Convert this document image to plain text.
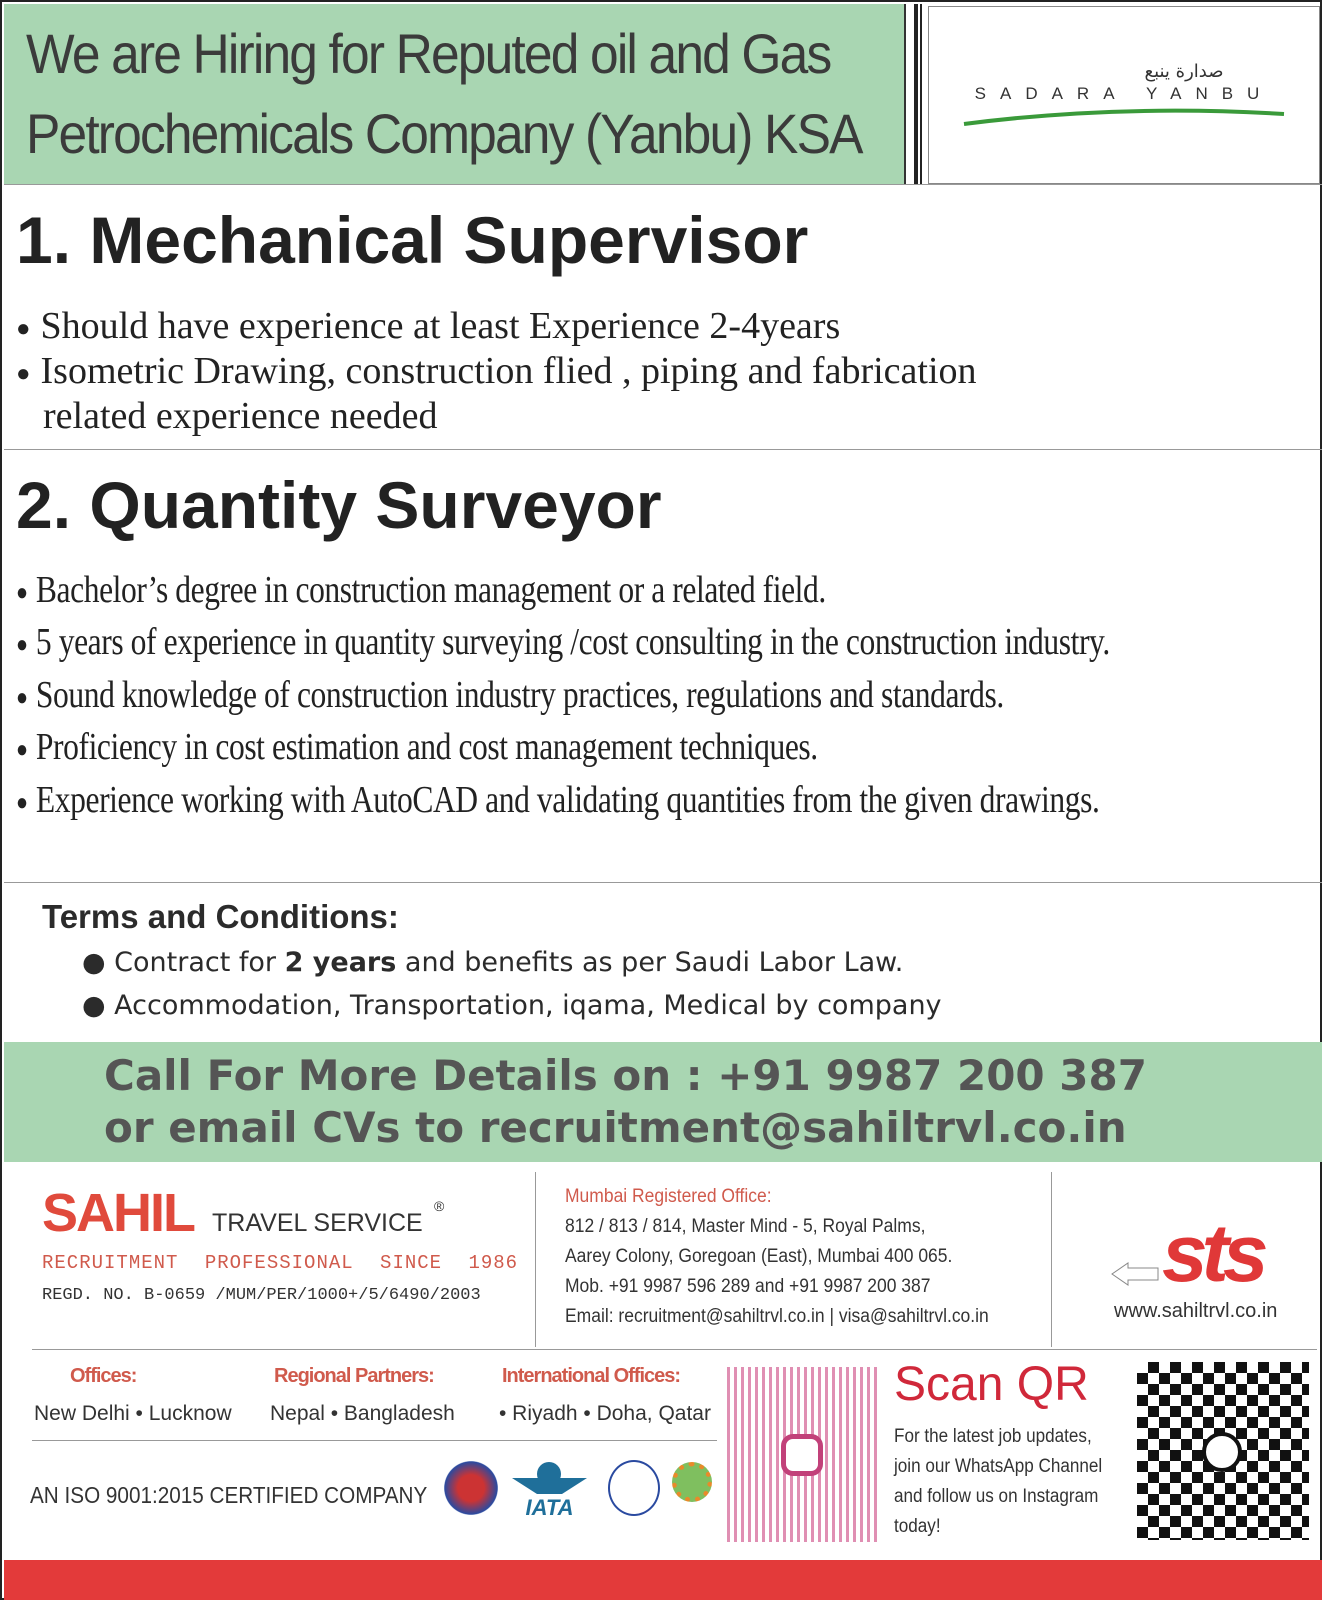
We are Hiring for Reputed oil and Gas
Petrochemicals Company (Yanbu) KSA
صدارة ينبع
SADARA YANBU
1. Mechanical Supervisor
● Should have experience at least Experience 2-4years
● Isometric Drawing, construction flied , piping and fabrication
related experience needed
2. Quantity Surveyor
● Bachelor’s degree in construction management or a related field.
● 5 years of experience in quantity surveying /cost consulting in the construction industry.
● Sound knowledge of construction industry practices, regulations and standards.
● Proficiency in cost estimation and cost management techniques.
● Experience working with AutoCAD and validating quantities from the given drawings.
Terms and Conditions:
● Contract for 2 years and benefits as per Saudi Labor Law.
● Accommodation, Transportation, iqama, Medical by company
Call For More Details on : +91 9987 200 387
or email CVs to recruitment@sahiltrvl.co.in
SAHIL TRAVEL SERVICE
®
RECRUITMENT PROFESSIONAL SINCE 1986
REGD. NO. B-0659 /MUM/PER/1000+/5/6490/2003
Mumbai Registered Office:
812 / 813 / 814, Master Mind - 5, Royal Palms,
Aarey Colony, Goregoan (East), Mumbai 400 065.
Mob. +91 9987 596 289 and +91 9987 200 387
Email: recruitment@sahiltrvl.co.in | visa@sahiltrvl.co.in
sts
www.sahiltrvl.co.in
Offices:
New Delhi • Lucknow
Regional Partners:
Nepal • Bangladesh
International Offices:
• Riyadh • Doha, Qatar
AN ISO 9001:2015 CERTIFIED COMPANY	IATA
Scan QR
For the latest job updates,
join our WhatsApp Channel
and follow us on Instagram
today!
